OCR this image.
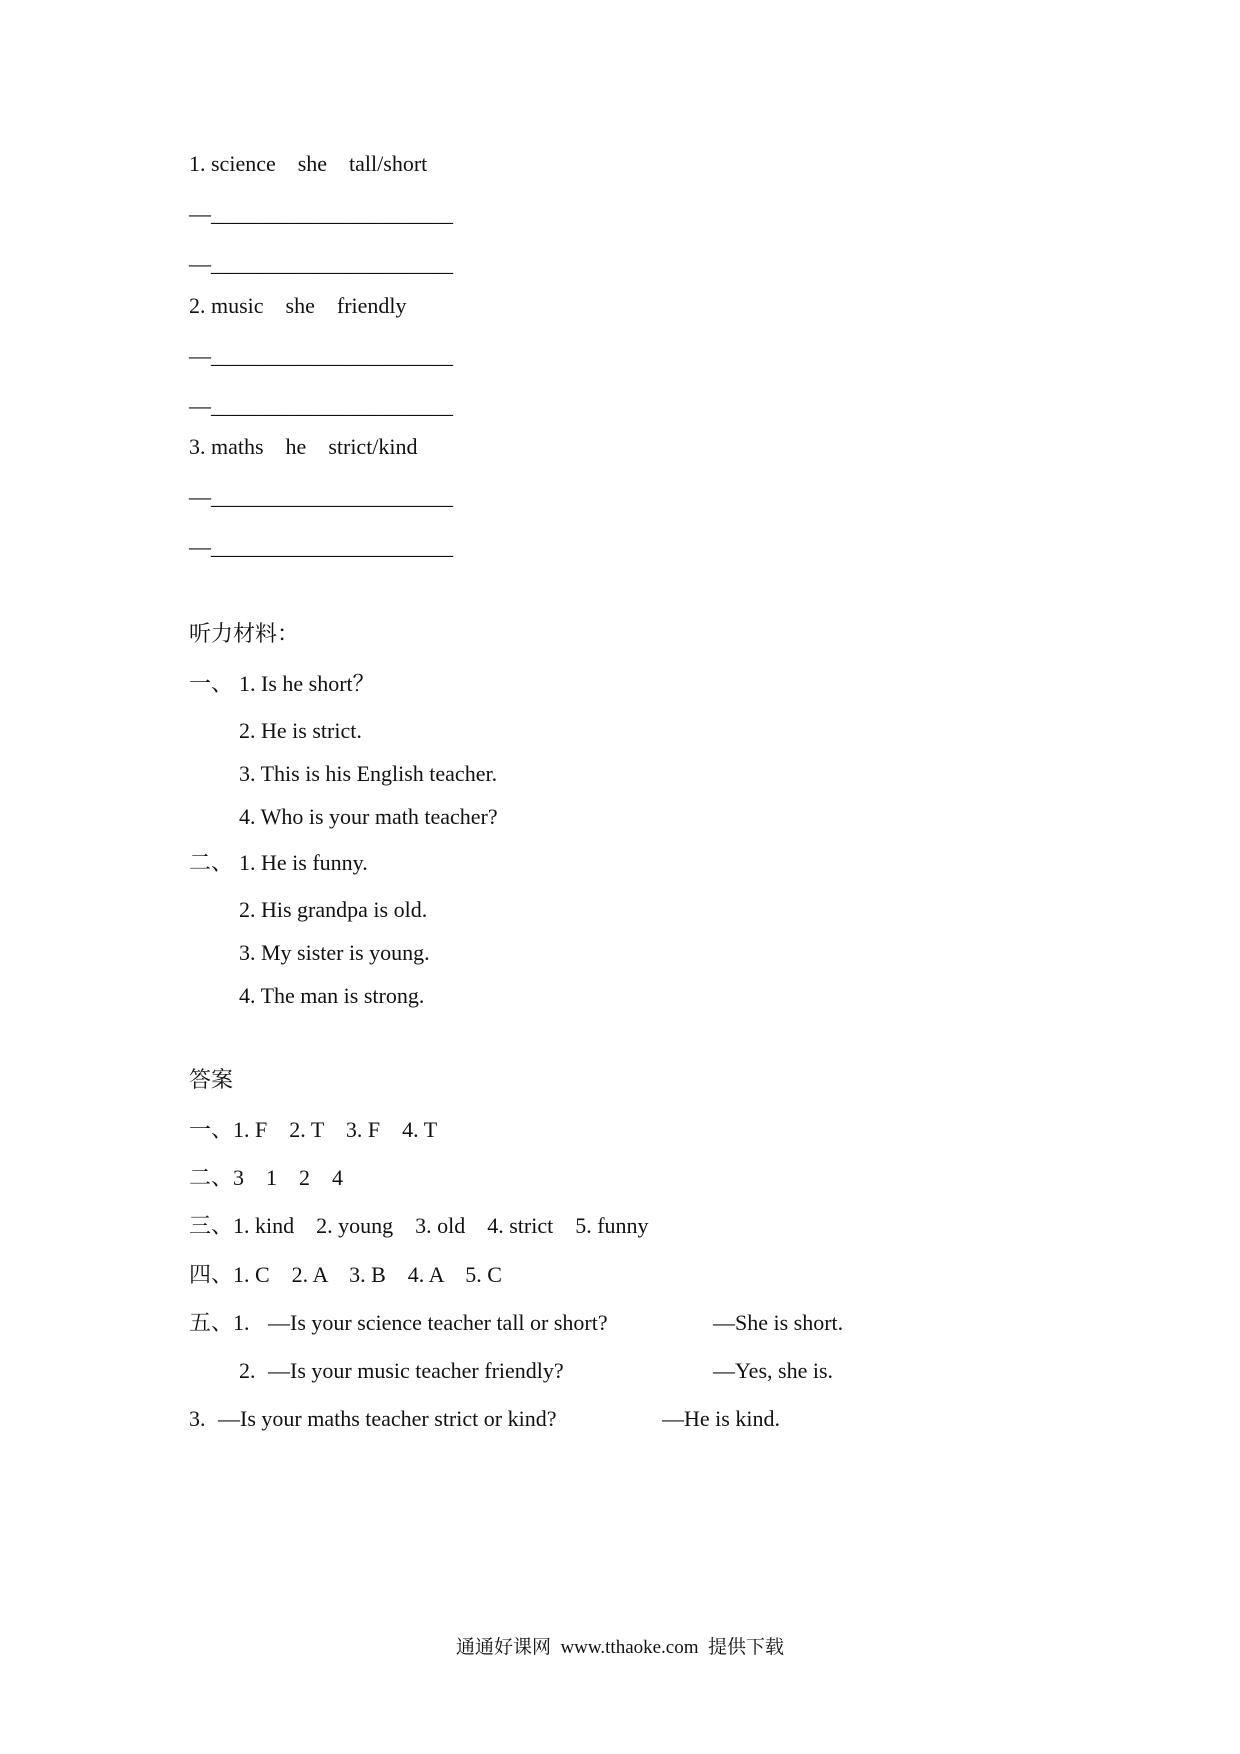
1. science    she    tall/short
—______________________
—______________________
2. music    she    friendly
—______________________
—______________________
3. maths    he    strict/kind
—______________________
—______________________
听力材料：
一、 1. Is he short？
2. He is strict.
3. This is his English teacher.
4. Who is your math teacher?
二、 1. He is funny.
2. His grandpa is old.
3. My sister is young.
4. The man is strong.
答案
一、1. F    2. T    3. F    4. T
二、3    1    2    4
三、1. kind    2. young    3. old    4. strict    5. funny
四、1. C    2. A    3. B    4. A    5. C
五、1. —Is your science teacher tall or short?	—She is short.
2. —Is your music teacher friendly?	—Yes, she is.
3. —Is your maths teacher strict or kind?	—He is kind.
通通好课网  www.tthaoke.com  提供下载
